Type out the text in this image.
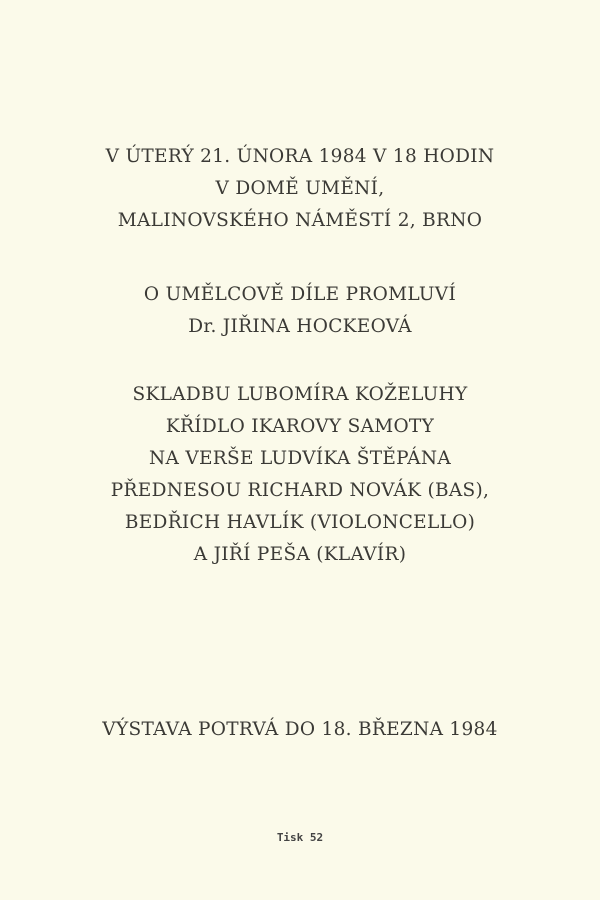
V ÚTERÝ 21. ÚNORA 1984 V 18 HODIN
V DOMĚ UMĚNÍ,
MALINOVSKÉHO NÁMĚSTÍ 2, BRNO
O UMĚLCOVĚ DÍLE PROMLUVÍ
Dr. JIŘINA HOCKEOVÁ
SKLADBU LUBOMÍRA KOŽELUHY
KŘÍDLO IKAROVY SAMOTY
NA VERŠE LUDVÍKA ŠTĚPÁNA
PŘEDNESOU RICHARD NOVÁK (BAS),
BEDŘICH HAVLÍK (VIOLONCELLO)
A JIŘÍ PEŠA (KLAVÍR)
VÝSTAVA POTRVÁ DO 18. BŘEZNA 1984
Tisk 52
